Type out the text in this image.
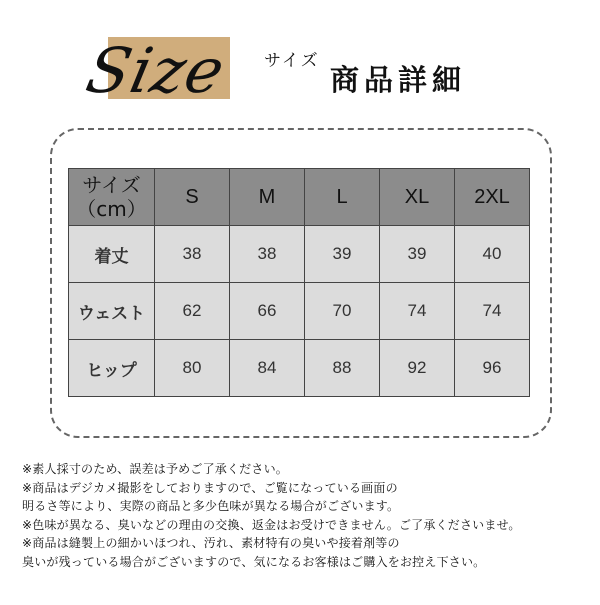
Size サイズ
商品詳細
サイズ
（cm）	S	M	L	XL	2XL
着丈	38	38	39	39	40
ウェスト	62	66	70	74	74
ヒップ	80	84	88	92	96
※素人採寸のため、誤差は予めご了承ください。
※商品はデジカメ撮影をしておりますので、ご覧になっている画面の
明るさ等により、実際の商品と多少色味が異なる場合がございます。
※色味が異なる、臭いなどの理由の交換、返金はお受けできません。ご了承くださいませ。
※商品は縫製上の細かいほつれ、汚れ、素材特有の臭いや接着剤等の
臭いが残っている場合がございますので、気になるお客様はご購入をお控え下さい。
